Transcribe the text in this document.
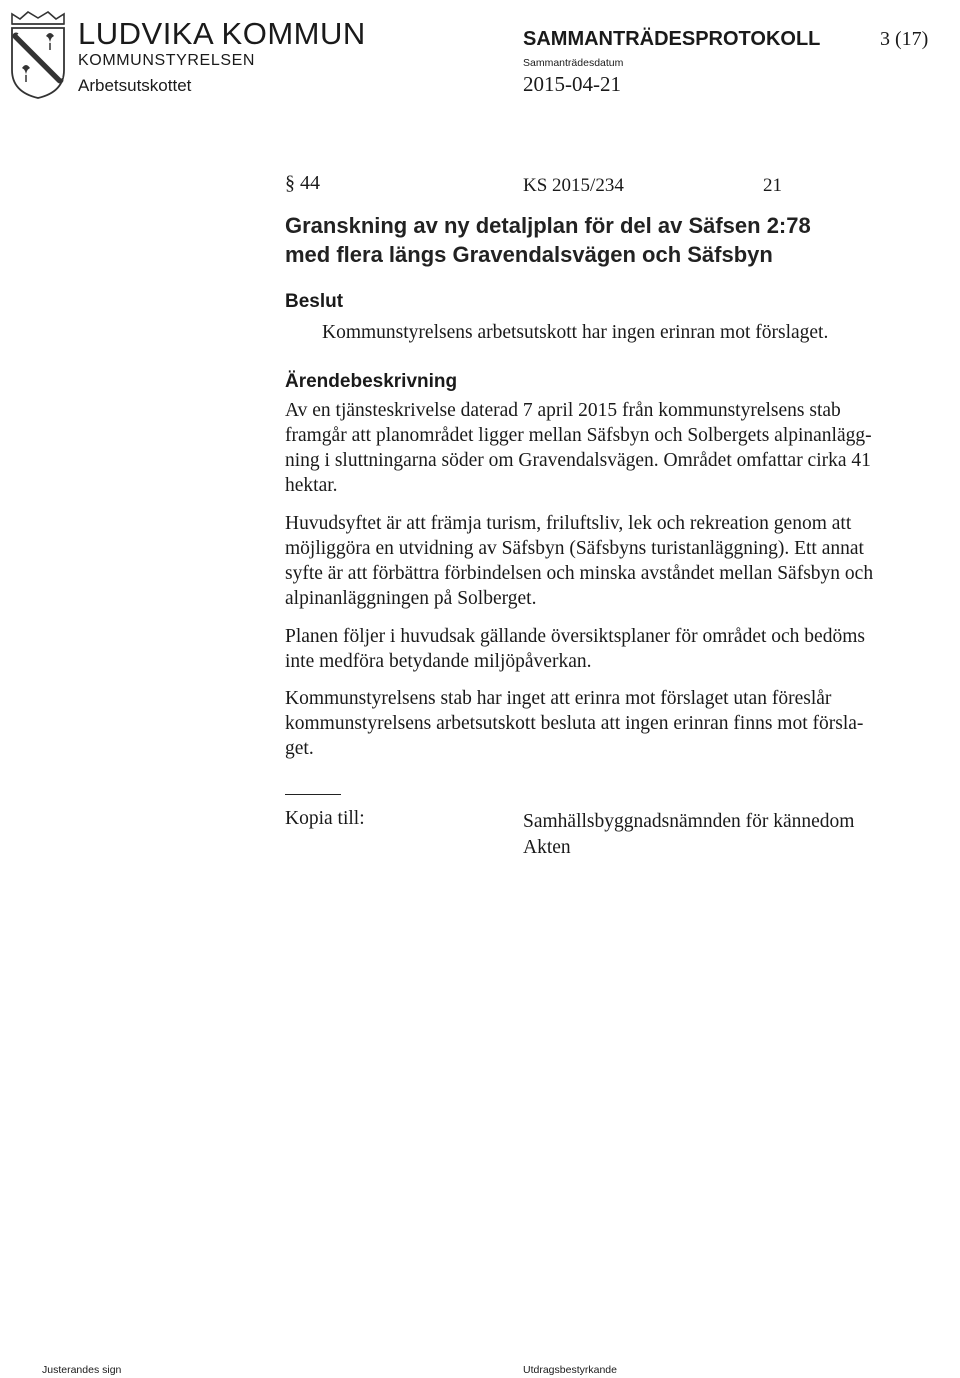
LUDVIKA KOMMUN
KOMMUNSTYRELSEN
Arbetsutskottet
SAMMANTRÄDESPROTOKOLL	3 (17)
Sammanträdesdatum
2015-04-21
§ 44	KS 2015/234	21
Granskning av ny detaljplan för del av Säfsen 2:78
med flera längs Gravendalsvägen och Säfsbyn
Beslut
Kommunstyrelsens arbetsutskott har ingen erinran mot förslaget.
Ärendebeskrivning
Av en tjänsteskrivelse daterad 7 april 2015 från kommunstyrelsens stab
framgår att planområdet ligger mellan Säfsbyn och Solbergets alpinanlägg-
ning i sluttningarna söder om Gravendalsvägen. Området omfattar cirka 41
hektar.
Huvudsyftet är att främja turism, friluftsliv, lek och rekreation genom att
möjliggöra en utvidning av Säfsbyn (Säfsbyns turistanläggning). Ett annat
syfte är att förbättra förbindelsen och minska avståndet mellan Säfsbyn och
alpinanläggningen på Solberget.
Planen följer i huvudsak gällande översiktsplaner för området och bedöms
inte medföra betydande miljöpåverkan.
Kommunstyrelsens stab har inget att erinra mot förslaget utan föreslår
kommunstyrelsens arbetsutskott besluta att ingen erinran finns mot försla-
get.
Kopia till:	Samhällsbyggnadsnämnden för kännedom
Akten
Justerandes sign	Utdragsbestyrkande
